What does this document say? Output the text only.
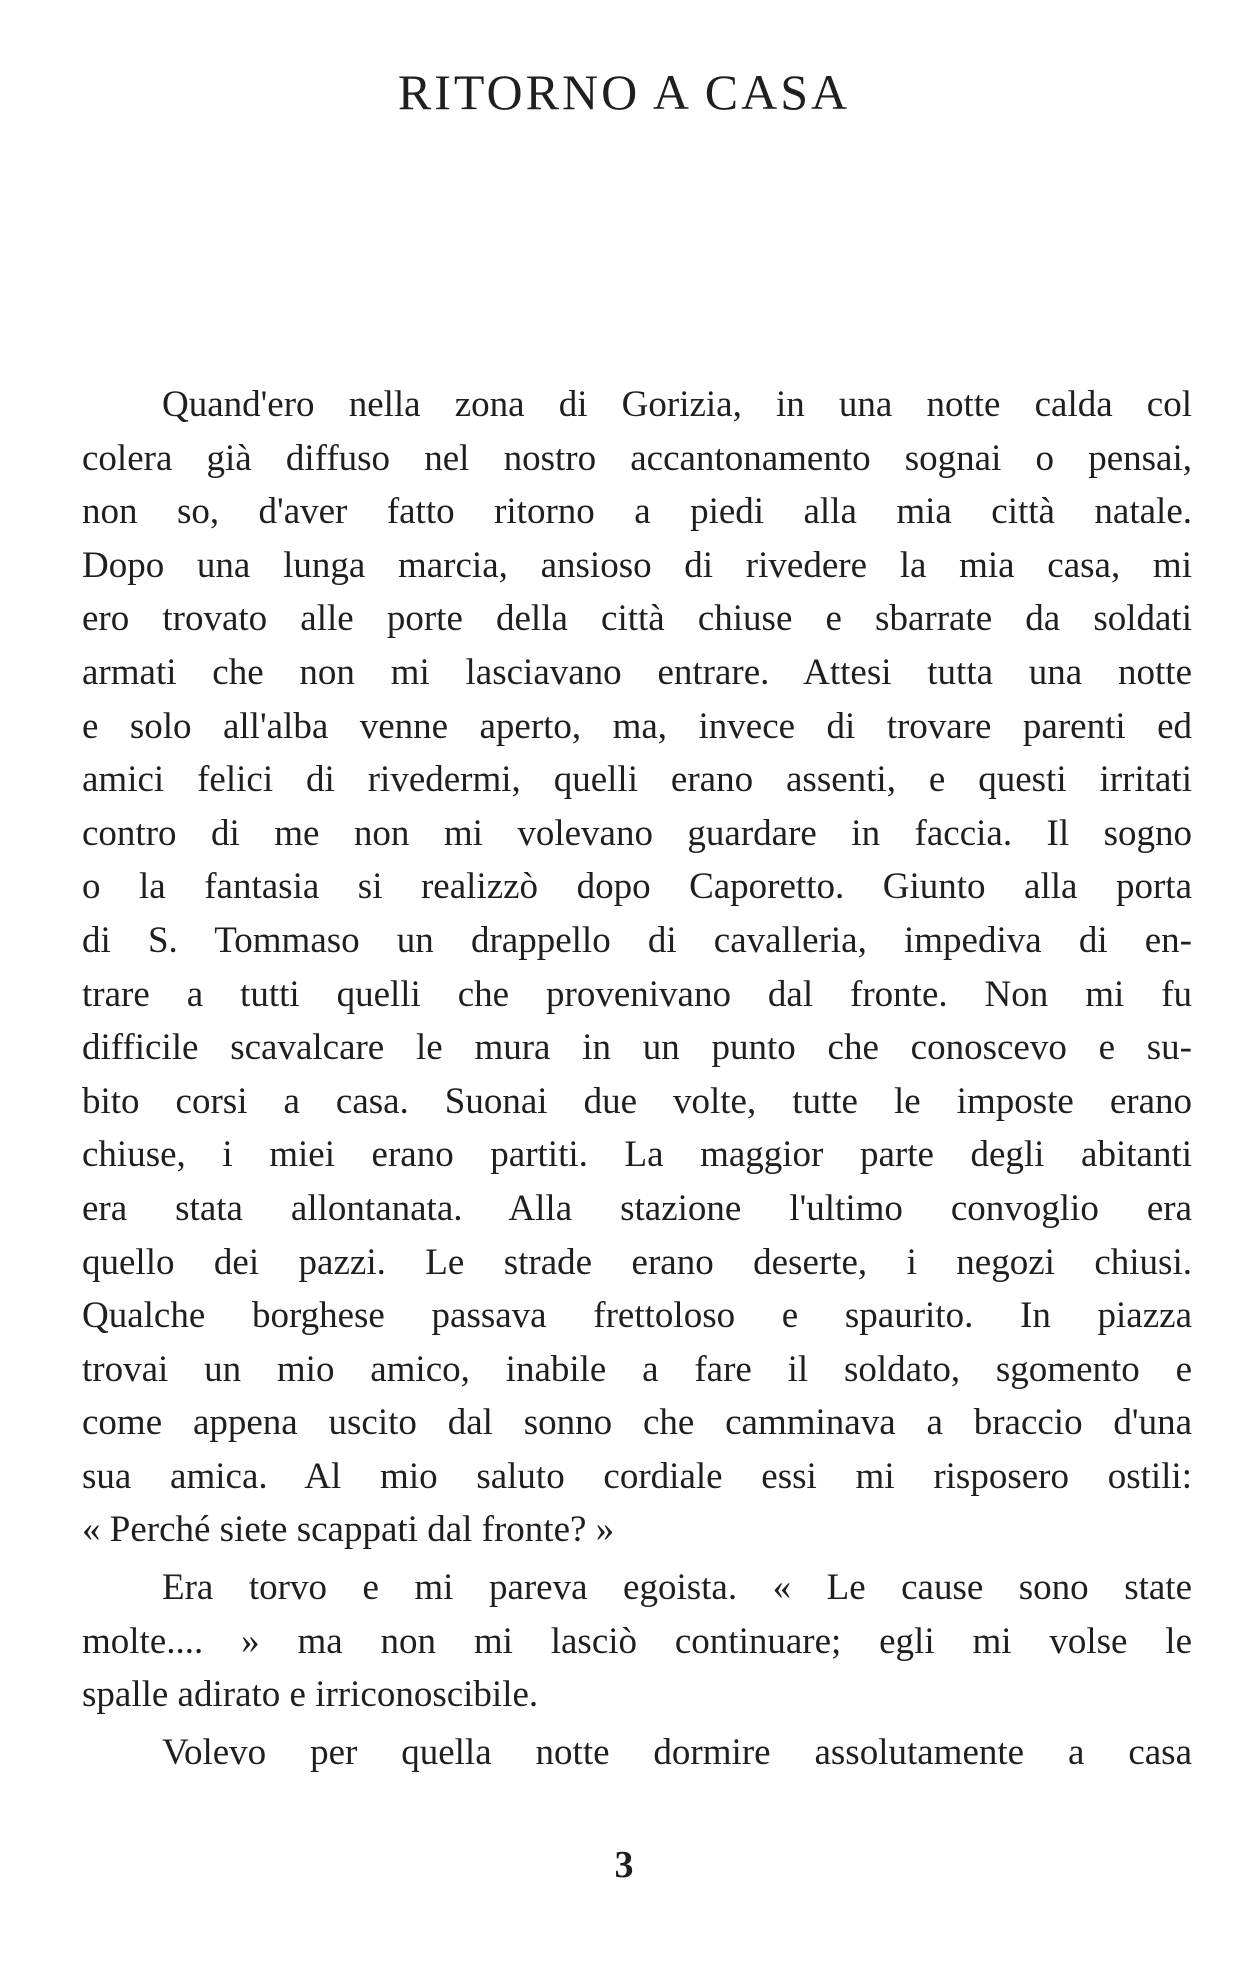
RITORNO A CASA
Quand'ero nella zona di Gorizia, in una notte calda col
colera già diffuso nel nostro accantonamento sognai o pensai,
non so, d'aver fatto ritorno a piedi alla mia città natale.
Dopo una lunga marcia, ansioso di rivedere la mia casa, mi
ero trovato alle porte della città chiuse e sbarrate da soldati
armati che non mi lasciavano entrare. Attesi tutta una notte
e solo all'alba venne aperto, ma, invece di trovare parenti ed
amici felici di rivedermi, quelli erano assenti, e questi irritati
contro di me non mi volevano guardare in faccia. Il sogno
o la fantasia si realizzò dopo Caporetto. Giunto alla porta
di S. Tommaso un drappello di cavalleria, impediva di en-
trare a tutti quelli che provenivano dal fronte. Non mi fu
difficile scavalcare le mura in un punto che conoscevo e su-
bito corsi a casa. Suonai due volte, tutte le imposte erano
chiuse, i miei erano partiti. La maggior parte degli abitanti
era stata allontanata. Alla stazione l'ultimo convoglio era
quello dei pazzi. Le strade erano deserte, i negozi chiusi.
Qualche borghese passava frettoloso e spaurito. In piazza
trovai un mio amico, inabile a fare il soldato, sgomento e
come appena uscito dal sonno che camminava a braccio d'una
sua amica. Al mio saluto cordiale essi mi risposero ostili:
« Perché siete scappati dal fronte? »
Era torvo e mi pareva egoista. « Le cause sono state
molte.... » ma non mi lasciò continuare; egli mi volse le
spalle adirato e irriconoscibile.
Volevo per quella notte dormire assolutamente a casa
3
